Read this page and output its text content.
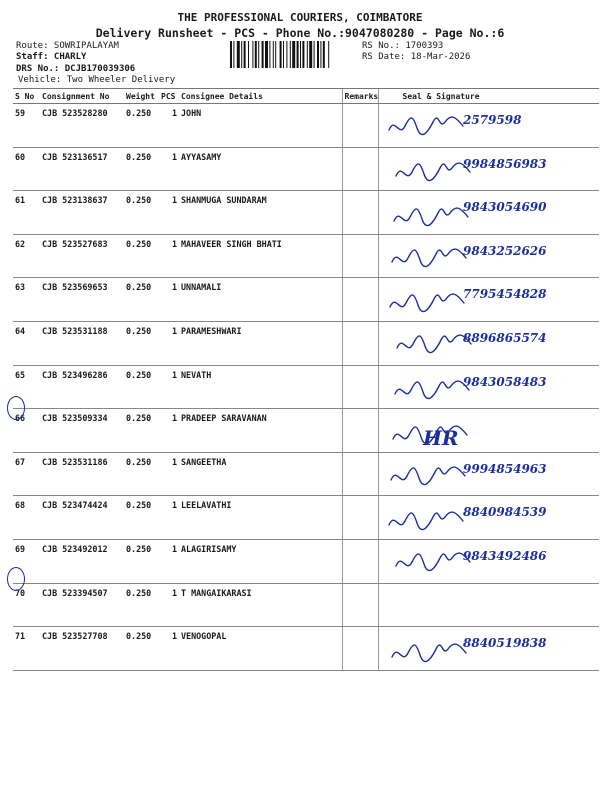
THE PROFESSIONAL COURIERS, COIMBATORE
Delivery Runsheet - PCS - Phone No.:9047080280 - Page No.:6
Route: SOWRIPALAYAM
Staff: CHARLY
DRS No.: DCJB170039306
Vehicle: Two Wheeler Delivery
RS No.: 1700393
RS Date: 18-Mar-2026
S No	Consignment No	Weight	PCS	Consignee Details	Remarks	Seal & Signature
59	CJB 523528280	0.250	1	JOHN		2579598

60	CJB 523136517	0.250	1	AYYASAMY		9984856983

61	CJB 523138637	0.250	1	SHANMUGA SUNDARAM		9843054690

62	CJB 523527683	0.250	1	MAHAVEER SINGH BHATI		9843252626

63	CJB 523569653	0.250	1	UNNAMALI		7795454828

64	CJB 523531188	0.250	1	PARAMESHWARI		8896865574

65	CJB 523496286	0.250	1	NEVATH		9843058483

66	CJB 523509334	0.250	1	PRADEEP SARAVANAN		HR

67	CJB 523531186	0.250	1	SANGEETHA		9994854963

68	CJB 523474424	0.250	1	LEELAVATHI		8840984539

69	CJB 523492012	0.250	1	ALAGIRISAMY		9843492486

70	CJB 523394507	0.250	1	T MANGAIKARASI		
71	CJB 523527708	0.250	1	VENOGOPAL		8840519838
